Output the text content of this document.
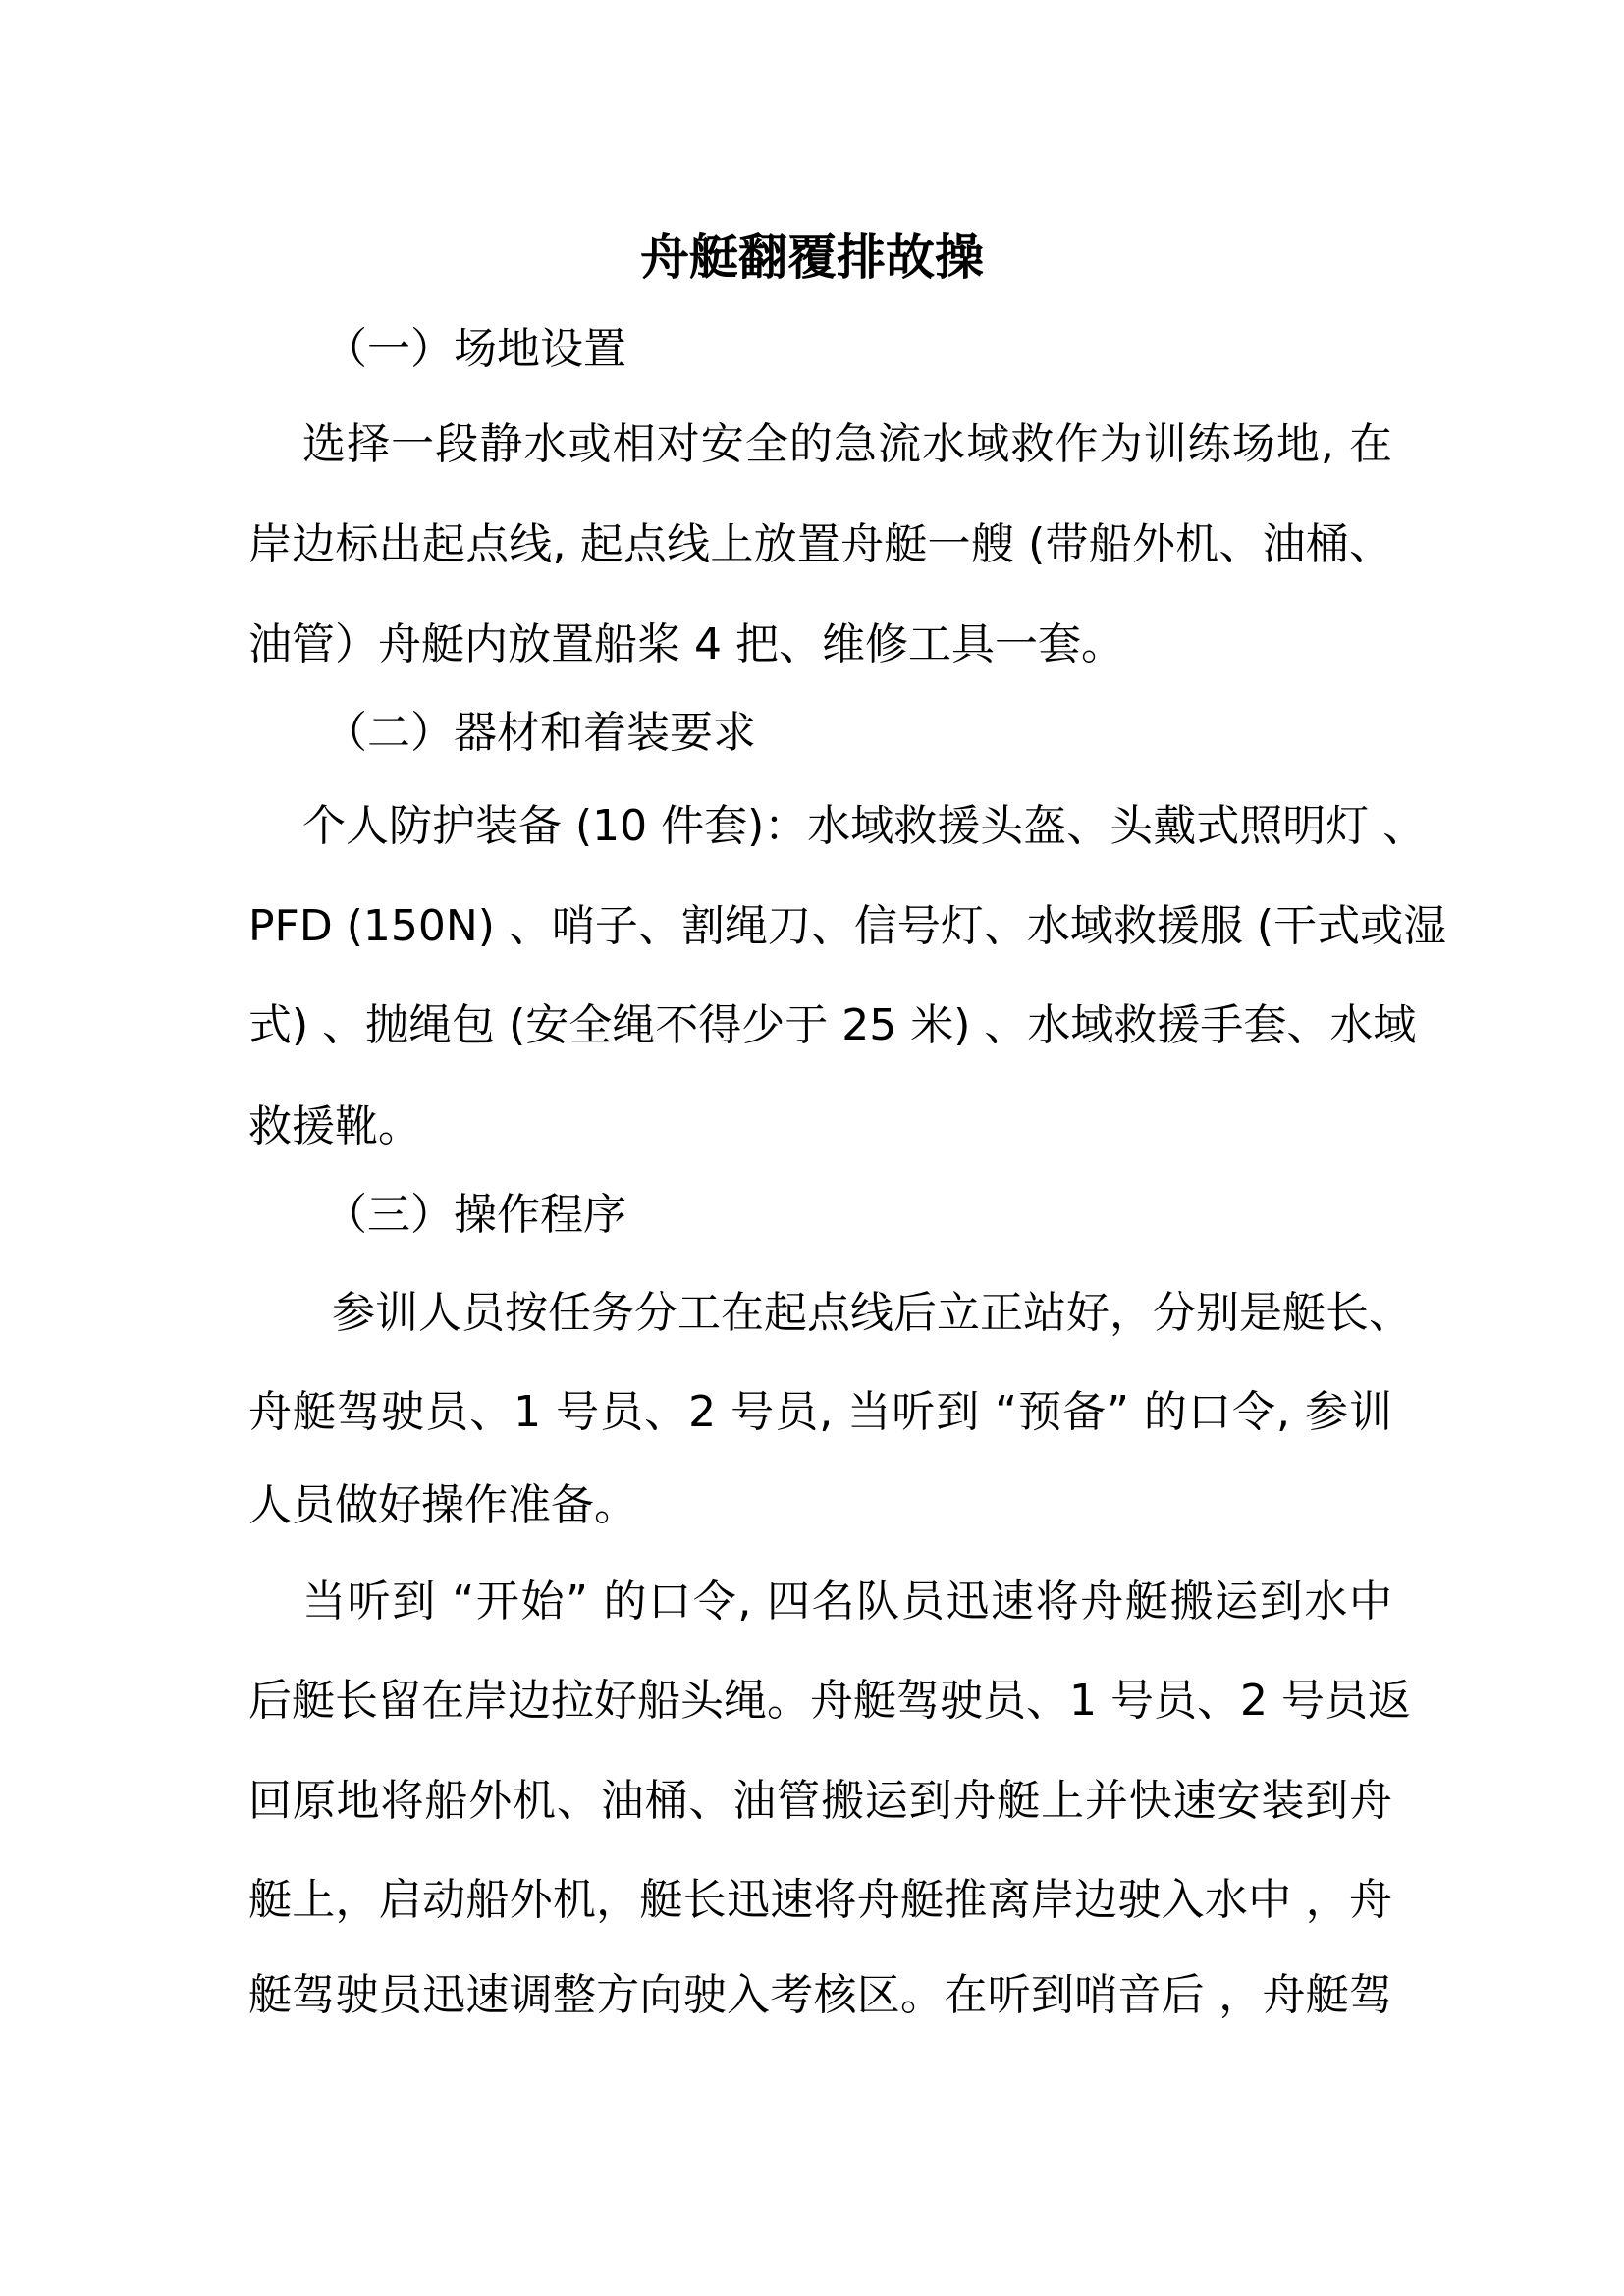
舟艇翻覆排故操
（一）场地设置
选择一段静水或相对安全的急流水域救作为训练场地, 在
岸边标出起点线, 起点线上放置舟艇一艘 (带船外机、油桶、
油管）舟艇内放置船桨 4 把、维修工具一套。
（二）器材和着装要求
个人防护装备 (10 件套)：水域救援头盔、头戴式照明灯 、
PFD (150N) 、哨子、割绳刀、信号灯、水域救援服 (干式或湿
式) 、抛绳包 (安全绳不得少于 25 米) 、水域救援手套、水域
救援靴。
（三）操作程序
参训人员按任务分工在起点线后立正站好，分别是艇长、
舟艇驾驶员、1 号员、2 号员, 当听到 “预备” 的口令, 参训
人员做好操作准备。
当听到 “开始” 的口令, 四名队员迅速将舟艇搬运到水中
后艇长留在岸边拉好船头绳。舟艇驾驶员、1 号员、2 号员返
回原地将船外机、油桶、油管搬运到舟艇上并快速安装到舟
艇上，启动船外机，艇长迅速将舟艇推离岸边驶入水中 ，舟
艇驾驶员迅速调整方向驶入考核区。在听到哨音后 ，舟艇驾
